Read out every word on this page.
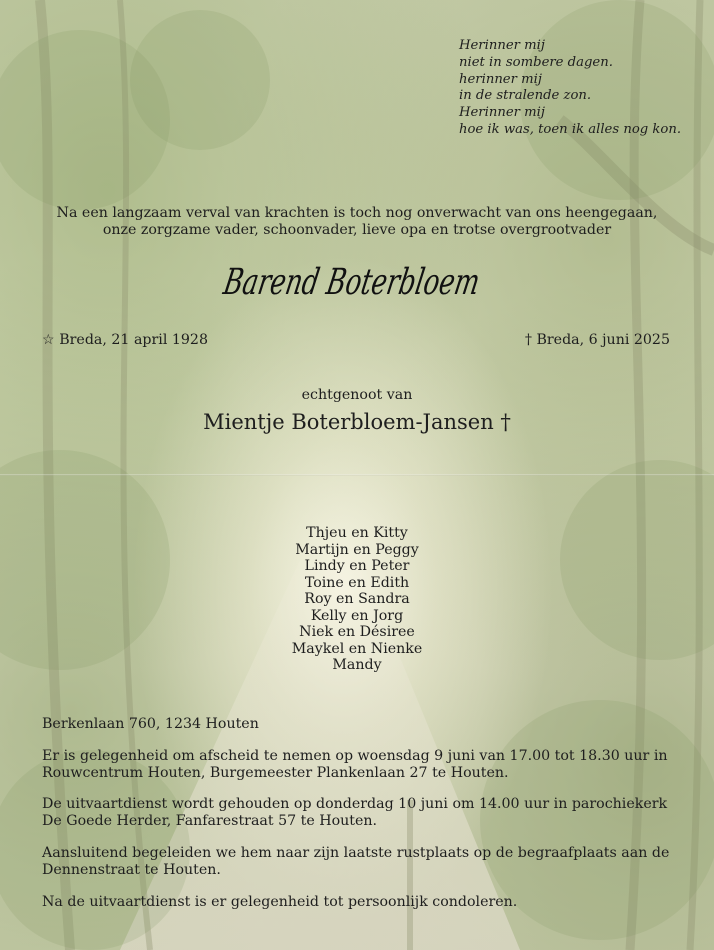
Herinner mij
niet in sombere dagen.
herinner mij
in de stralende zon.
Herinner mij
hoe ik was, toen ik alles nog kon.
Na een langzaam verval van krachten is toch nog onverwacht van ons heengegaan,
onze zorgzame vader, schoonvader, lieve opa en trotse overgrootvader
Barend Boterbloem
☆ Breda, 21 april 1928	† Breda, 6 juni 2025
echtgenoot van
Mientje Boterbloem-Jansen †
Thjeu en Kitty
Martijn en Peggy
Lindy en Peter
Toine en Edith
Roy en Sandra
Kelly en Jorg
Niek en Désiree
Maykel en Nienke
Mandy

Berkenlaan 760, 1234 Houten

Er is gelegenheid om afscheid te nemen op woensdag 9 juni van 17.00 tot 18.30 uur in Rouwcentrum Houten, Burgemeester Plankenlaan 27 te Houten.

De uitvaartdienst wordt gehouden op donderdag 10 juni om 14.00 uur in parochiekerk De Goede Herder, Fanfarestraat 57 te Houten.

Aansluitend begeleiden we hem naar zijn laatste rustplaats op de begraafplaats aan de Dennenstraat te Houten.

Na de uitvaartdienst is er gelegenheid tot persoonlijk condoleren.
